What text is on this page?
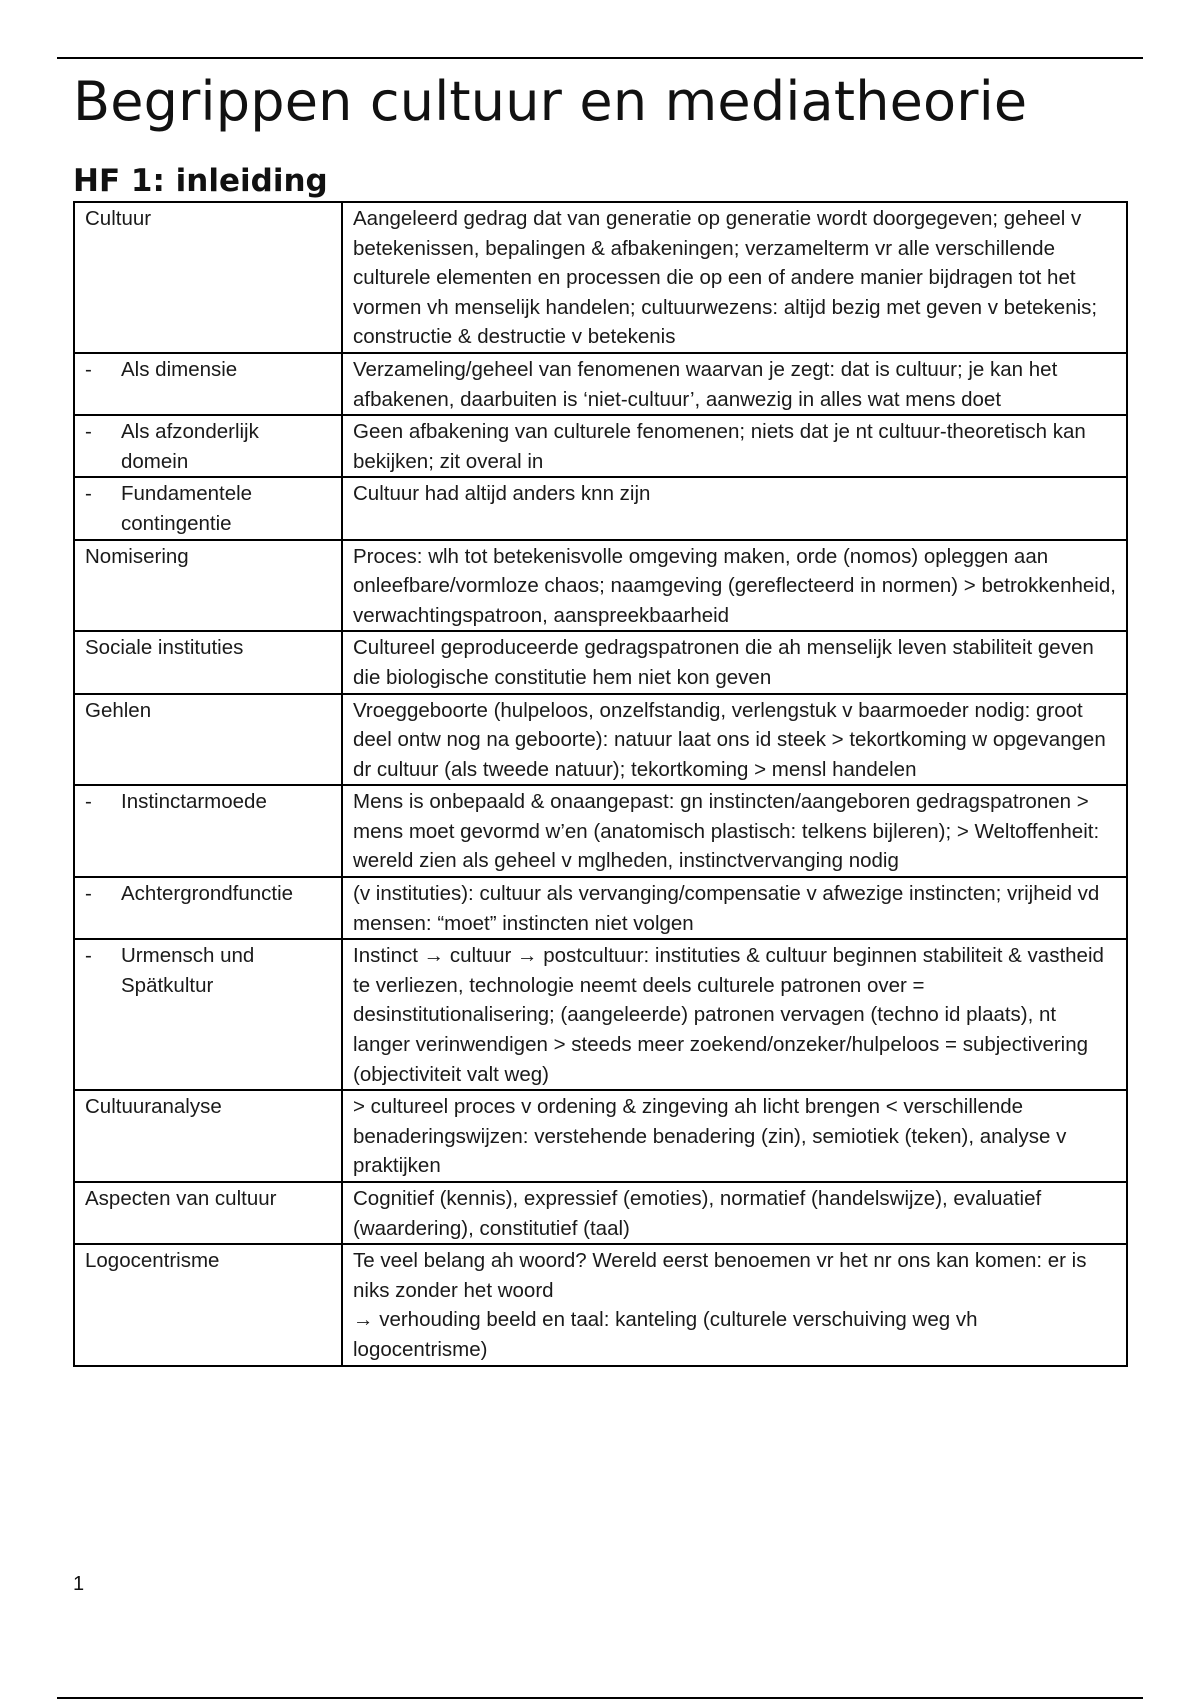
Begrippen cultuur en mediatheorie
HF 1: inleiding
Cultuur	Aangeleerd gedrag dat van generatie op generatie wordt doorgegeven; geheel v betekenissen, bepalingen & afbakeningen; verzamelterm vr alle verschillende culturele elementen en processen die op een of andere manier bijdragen tot het vormen vh menselijk handelen; cultuurwezens: altijd bezig met geven v betekenis; constructie & destructie v betekenis

- Als dimensie	Verzameling/geheel van fenomenen waarvan je zegt: dat is cultuur; je kan het afbakenen, daarbuiten is ‘niet-cultuur’, aanwezig in alles wat mens doet

- Als afzonderlijk domein	Geen afbakening van culturele fenomenen; niets dat je nt cultuur-theoretisch kan bekijken; zit overal in

- Fundamentele contingentie	Cultuur had altijd anders knn zijn
Nomisering	Proces: wlh tot betekenisvolle omgeving maken, orde (nomos) opleggen aan onleefbare/vormloze chaos; naamgeving (gereflecteerd in normen) > betrokkenheid, verwachtingspatroon, aanspreekbaarheid
Sociale instituties	Cultureel geproduceerde gedragspatronen die ah menselijk leven stabiliteit geven die biologische constitutie hem niet kon geven
Gehlen	Vroeggeboorte (hulpeloos, onzelfstandig, verlengstuk v baarmoeder nodig: groot deel ontw nog na geboorte): natuur laat ons id steek > tekortkoming w opgevangen dr cultuur (als tweede natuur); tekortkoming > mensl handelen

- Instinctarmoede	Mens is onbepaald & onaangepast: gn instincten/aangeboren gedragspatronen > mens moet gevormd w’en (anatomisch plastisch: telkens bijleren); > Weltoffenheit: wereld zien als geheel v mglheden, instinctvervanging nodig

- Achtergrondfunctie	(v instituties): cultuur als vervanging/compensatie v afwezige instincten; vrijheid vd mensen: “moet” instincten niet volgen

- Urmensch und Spätkultur	Instinct → cultuur → postcultuur: instituties & cultuur beginnen stabiliteit & vastheid te verliezen, technologie neemt deels culturele patronen over = desinstitutionalisering; (aangeleerde) patronen vervagen (techno id plaats), nt langer verinwendigen > steeds meer zoekend/onzeker/hulpeloos = subjectivering (objectiviteit valt weg)
Cultuuranalyse	> cultureel proces v ordening & zingeving ah licht brengen < verschillende benaderingswijzen: verstehende benadering (zin), semiotiek (teken), analyse v praktijken
Aspecten van cultuur	Cognitief (kennis), expressief (emoties), normatief (handelswijze), evaluatief (waardering), constitutief (taal)
Logocentrisme	Te veel belang ah woord? Wereld eerst benoemen vr het nr ons kan komen: er is niks zonder het woord
→ verhouding beeld en taal: kanteling (culturele verschuiving weg vh logocentrisme)
1
